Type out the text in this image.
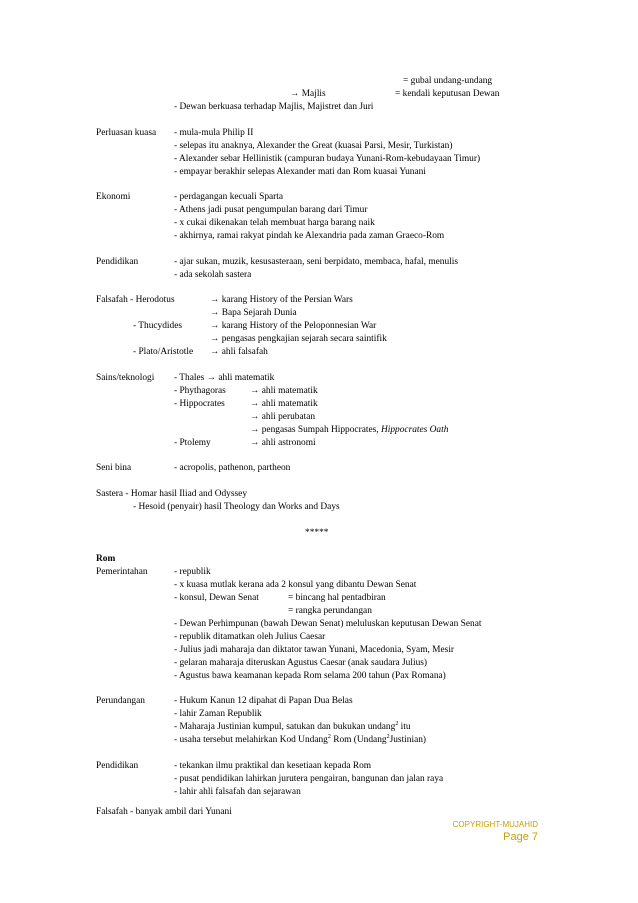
= gubal undang-undang
→ Majlis	= kendali keputusan Dewan
- Dewan berkuasa terhadap Majlis, Majistret dan Juri
Perluasan kuasa - mula-mula Philip II
- selepas itu anaknya, Alexander the Great (kuasai Parsi, Mesir, Turkistan)
- Alexander sebar Hellinistik (campuran budaya Yunani-Rom-kebudayaan Timur)
- empayar berakhir selepas Alexander mati dan Rom kuasai Yunani
Ekonomi	- perdagangan kecuali Sparta
- Athens jadi pusat pengumpulan barang dari Timur
- x cukai dikenakan telah membuat harga barang naik
- akhirnya, ramai rakyat pindah ke Alexandria pada zaman Graeco-Rom
Pendidikan	- ajar sukan, muzik, kesusasteraan, seni berpidato, membaca, hafal, menulis
- ada sekolah sastera
Falsafah - Herodotus	→ karang History of the Persian Wars
→ Bapa Sejarah Dunia
- Thucydides	→ karang History of the Peloponnesian War
→ pengasas pengkajian sejarah secara saintifik
- Plato/Aristotle → ahli falsafah
Sains/teknologi - Thales → ahli matematik
- Phythagoras	→ ahli matematik
- Hippocrates	→ ahli matematik
→ ahli perubatan
→ pengasas Sumpah Hippocrates, Hippocrates Oath
- Ptolemy	→ ahli astronomi
Seni bina	- acropolis, pathenon, partheon
Sastera - Homar hasil Iliad and Odyssey
- Hesoid (penyair) hasil Theology dan Works and Days
*****
Rom
Pemerintahan	- republik
- x kuasa mutlak kerana ada 2 konsul yang dibantu Dewan Senat
- konsul, Dewan Senat	= bincang hal pentadbiran
= rangka perundangan
- Dewan Perhimpunan (bawah Dewan Senat) meluluskan keputusan Dewan Senat
- republik ditamatkan oleh Julius Caesar
- Julius jadi maharaja dan diktator tawan Yunani, Macedonia, Syam, Mesir
- gelaran maharaja diteruskan Agustus Caesar (anak saudara Julius)
- Agustus bawa keamanan kepada Rom selama 200 tahun (Pax Romana)
Perundangan	- Hukum Kanun 12 dipahat di Papan Dua Belas
- lahir Zaman Republik
- Maharaja Justinian kumpul, satukan dan bukukan undang$^2$ itu
- usaha tersebut melahirkan Kod Undang$^2$ Rom (Undang$^2$Justinian)
Pendidikan	- tekankan ilmu praktikal dan kesetiaan kepada Rom
- pusat pendidikan lahirkan jurutera pengairan, bangunan dan jalan raya
- lahir ahli falsafah dan sejarawan
Falsafah - banyak ambil dari Yunani
COPYRIGHT-MUJAHID
Page 7
